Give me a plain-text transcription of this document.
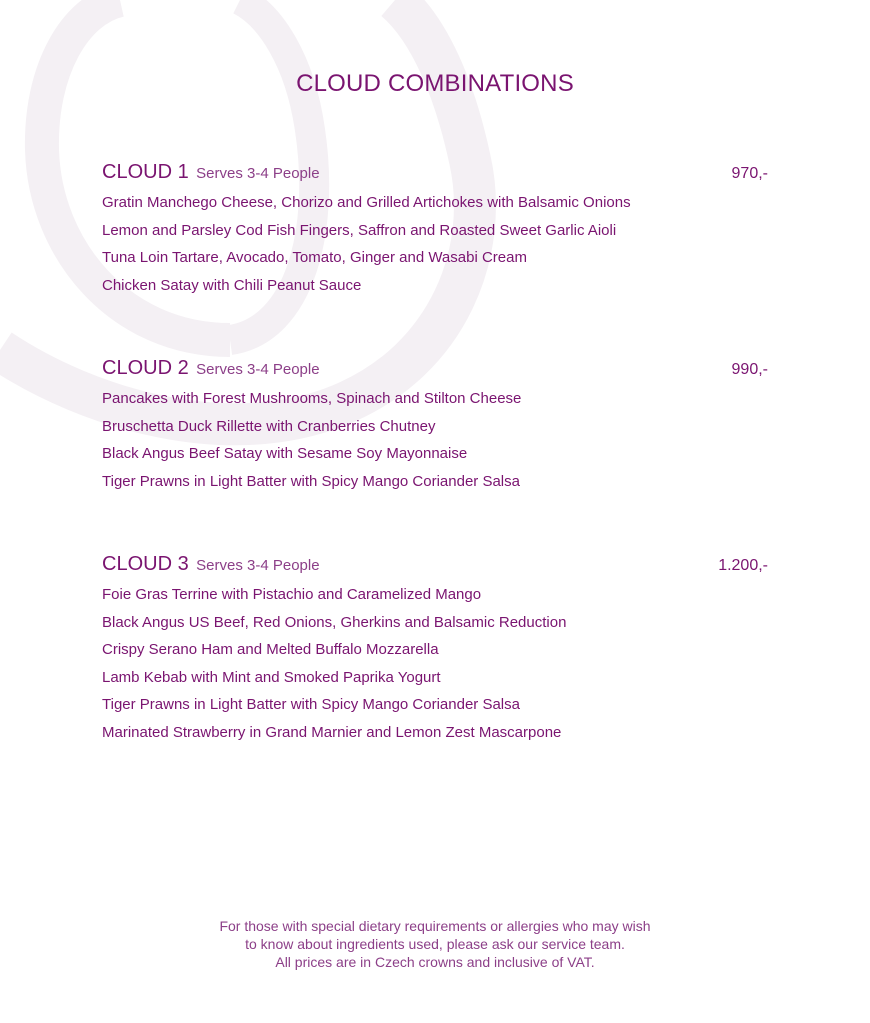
CLOUD COMBINATIONS
CLOUD 1 Serves 3-4 People	970,-
Gratin Manchego Cheese, Chorizo and Grilled Artichokes with Balsamic Onions
Lemon and Parsley Cod Fish Fingers, Saffron and Roasted Sweet Garlic Aioli
Tuna Loin Tartare, Avocado, Tomato, Ginger and Wasabi Cream
Chicken Satay with Chili Peanut Sauce
CLOUD 2 Serves 3-4 People	990,-
Pancakes with Forest Mushrooms, Spinach and Stilton Cheese
Bruschetta Duck Rillette with Cranberries Chutney
Black Angus Beef Satay with Sesame Soy Mayonnaise
Tiger Prawns in Light Batter with Spicy Mango Coriander Salsa
CLOUD 3 Serves 3-4 People	1.200,-
Foie Gras Terrine with Pistachio and Caramelized Mango
Black Angus US Beef, Red Onions, Gherkins and Balsamic Reduction
Crispy Serano Ham and Melted Buffalo Mozzarella
Lamb Kebab with Mint and Smoked Paprika Yogurt
Tiger Prawns in Light Batter with Spicy Mango Coriander Salsa
Marinated Strawberry in Grand Marnier and Lemon Zest Mascarpone
For those with special dietary requirements or allergies who may wish
to know about ingredients used, please ask our service team.
All prices are in Czech crowns and inclusive of VAT.
